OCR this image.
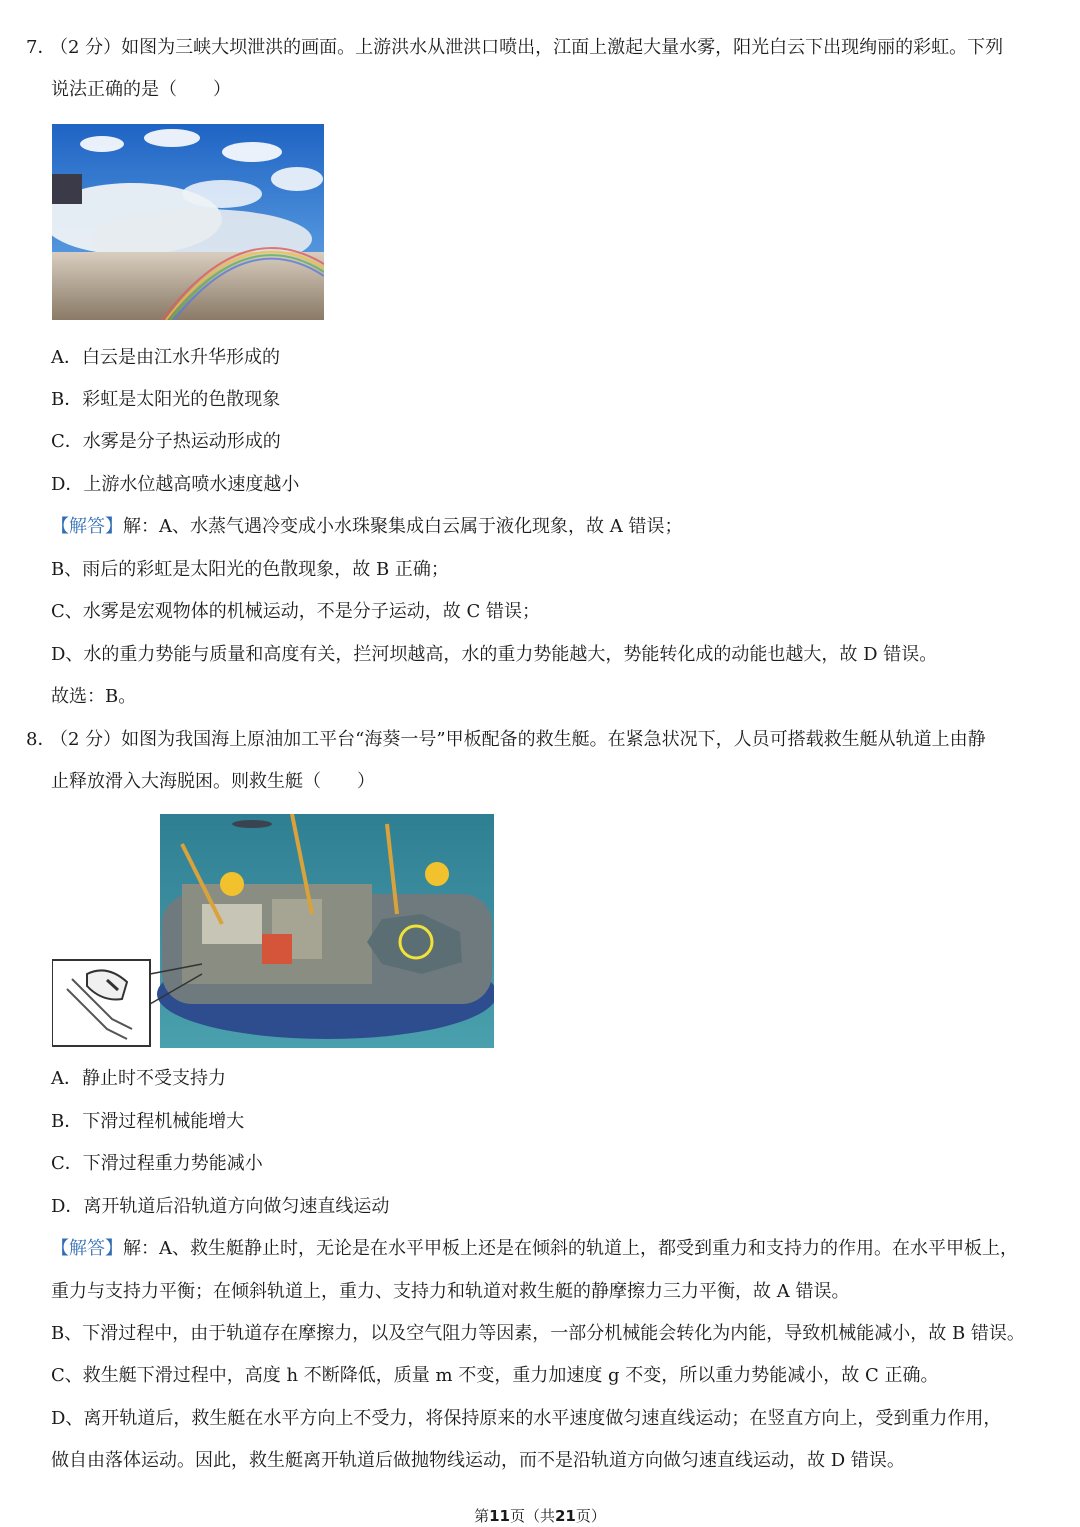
7．
（2 分）如图为三峡大坝泄洪的画面。上游洪水从泄洪口喷出，江面上激起大量水雾，阳光白云下出现绚丽的彩虹。下列
说法正确的是（　　）
A．白云是由江水升华形成的
B．彩虹是太阳光的色散现象
C．水雾是分子热运动形成的
D．上游水位越高喷水速度越小
【解答】解：A、水蒸气遇冷变成小水珠聚集成白云属于液化现象，故 A 错误；
B、雨后的彩虹是太阳光的色散现象，故 B 正确；
C、水雾是宏观物体的机械运动，不是分子运动，故 C 错误；
D、水的重力势能与质量和高度有关，拦河坝越高，水的重力势能越大，势能转化成的动能也越大，故 D 错误。
故选：B。
8．
（2 分）如图为我国海上原油加工平台“海葵一号”甲板配备的救生艇。在紧急状况下，人员可搭载救生艇从轨道上由静
止释放滑入大海脱困。则救生艇（　　）
A．静止时不受支持力
B．下滑过程机械能增大
C．下滑过程重力势能减小
D．离开轨道后沿轨道方向做匀速直线运动
【解答】解：A、救生艇静止时，无论是在水平甲板上还是在倾斜的轨道上，都受到重力和支持力的作用。在水平甲板上，
重力与支持力平衡；在倾斜轨道上，重力、支持力和轨道对救生艇的静摩擦力三力平衡，故 A 错误。
B、下滑过程中，由于轨道存在摩擦力，以及空气阻力等因素，一部分机械能会转化为内能，导致机械能减小，故 B 错误。
C、救生艇下滑过程中，高度 h 不断降低，质量 m 不变，重力加速度 g 不变，所以重力势能减小，故 C 正确。
D、离开轨道后，救生艇在水平方向上不受力，将保持原来的水平速度做匀速直线运动；在竖直方向上，受到重力作用，
做自由落体运动。因此，救生艇离开轨道后做抛物线运动，而不是沿轨道方向做匀速直线运动，故 D 错误。
第11页（共21页）
